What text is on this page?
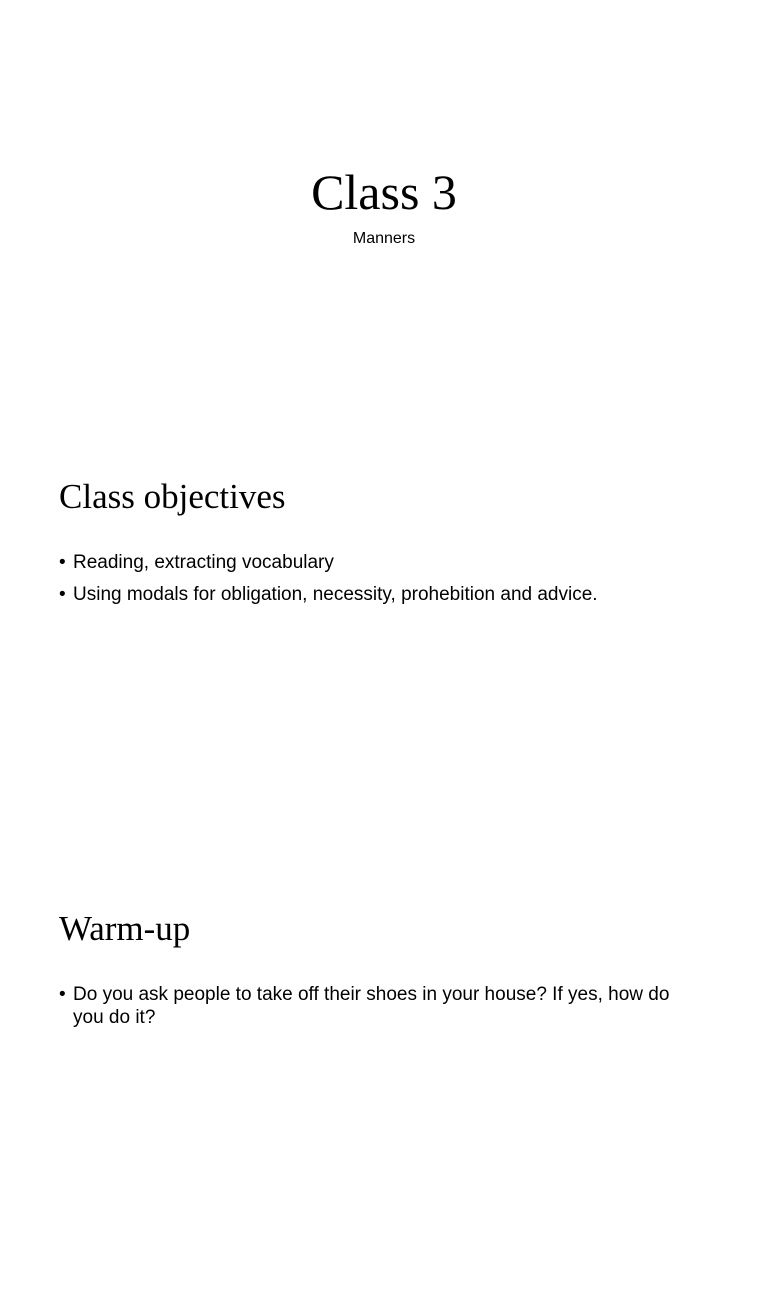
Class 3
Manners
Class objectives
• Reading, extracting vocabulary
• Using modals for obligation, necessity, prohebition and advice.
Warm-up
• Do you ask people to take off their shoes in your house? If yes, how do you do it?
